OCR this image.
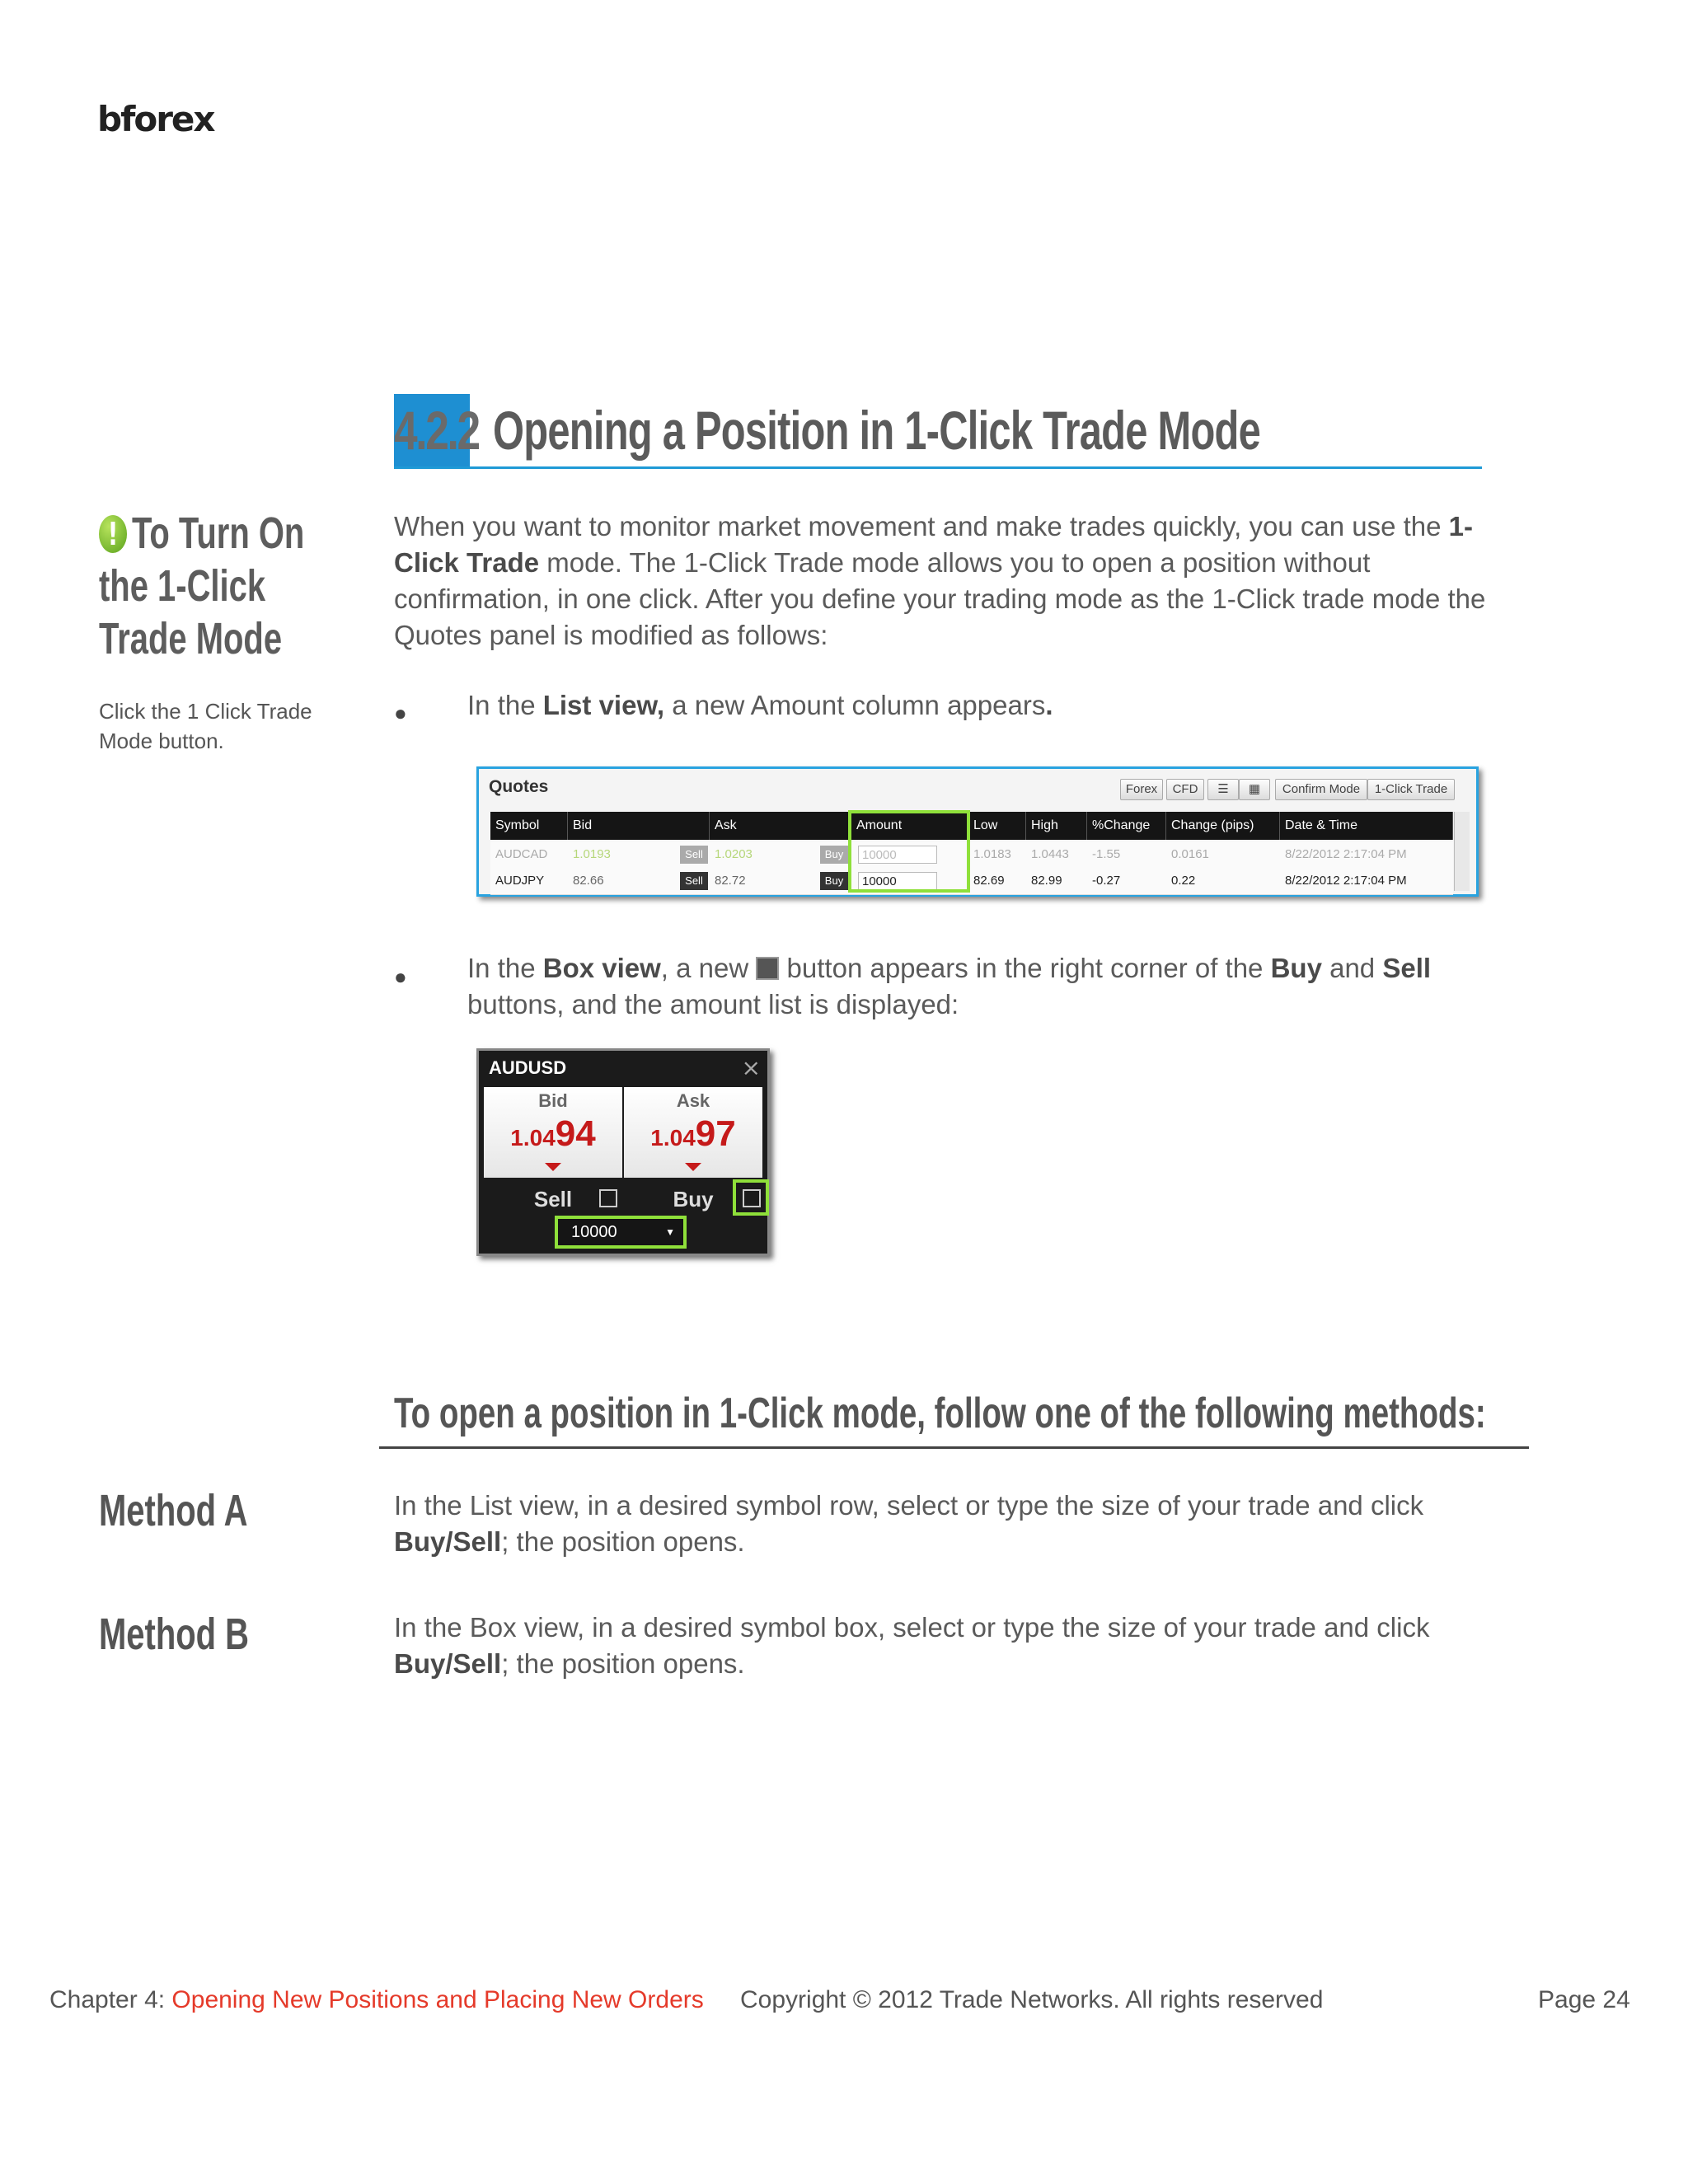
bforex
4.2.2 Opening a Position in 1-Click Trade Mode
! To Turn On
the 1-Click
Trade Mode
Click the 1 Click Trade Mode button.
When you want to monitor market movement and make trades quickly, you can use the 1-Click Trade mode. The 1-Click Trade mode allows you to open a position without confirmation, in one click. After you define your trading mode as the 1-Click trade mode the Quotes panel is modified as follows:
● In the List view, a new Amount column appears.
Quotes	Forex	CFD	☰	▦	Confirm Mode	1-Click Trade
Symbol	Bid	Ask	Amount	Low	High	%Change	Change (pips)	Date & Time
AUDCAD	1.0193	Sell 1.0203	Buy	10000	1.0183	1.0443	-1.55	0.0161	8/22/2012 2:17:04 PM
AUDJPY	82.66	Sell 82.72	Buy	10000	82.69	82.99	-0.27	0.22	8/22/2012 2:17:04 PM
● In the Box view, a new  button appears in the right corner of the Buy and Sell buttons, and the amount list is displayed:
AUDUSD	×
Bid
1.0494
Ask
1.0497
Sell	Buy
10000	▼
To open a position in 1-Click mode, follow one of the following methods:
Method A	In the List view, in a desired symbol row, select or type the size of your trade and click Buy/Sell; the position opens.
Method B	In the Box view, in a desired symbol box, select or type the size of your trade and click Buy/Sell; the position opens.
Chapter 4: Opening New Positions and Placing New Orders Copyright © 2012 Trade Networks. All rights reserved	Page 24
